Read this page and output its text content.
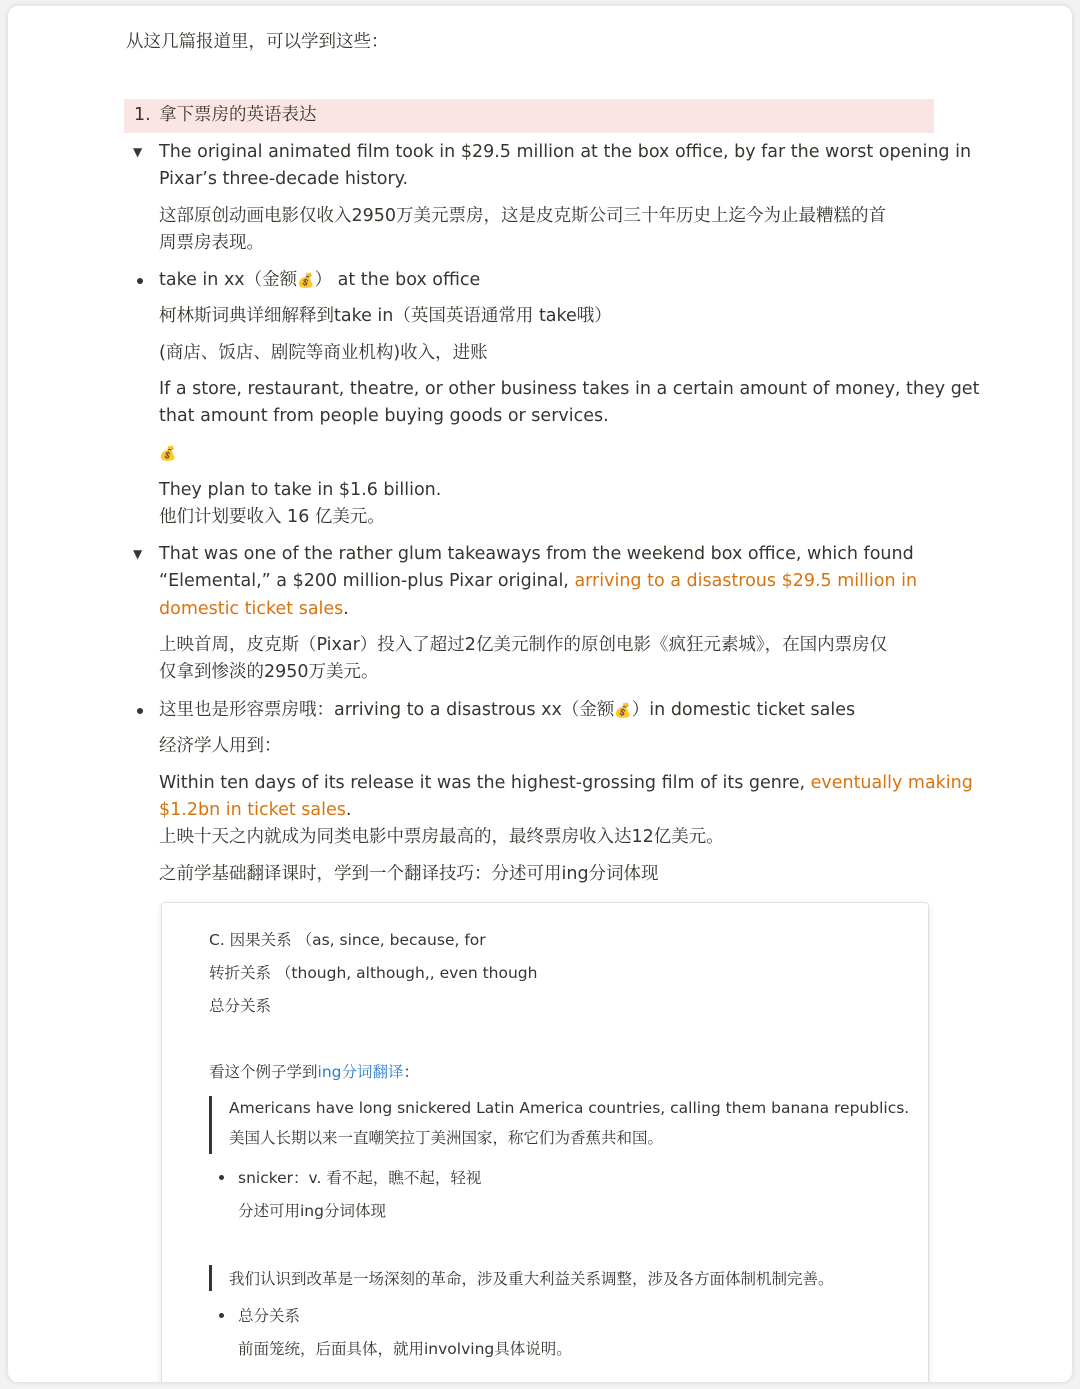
从这几篇报道里，可以学到这些：
1. 拿下票房的英语表达
▼ The original animated film took in $29.5 million at the box office, by far the worst opening in
Pixar’s three-decade history.
这部原创动画电影仅收入2950万美元票房，这是皮克斯公司三十年历史上迄今为止最糟糕的首
周票房表现。
take in xx（金额💰） at the box office
柯林斯词典详细解释到take in（英国英语通常用 take哦）
(商店、饭店、剧院等商业机构)收入，进账
If a store, restaurant, theatre, or other business takes in a certain amount of money, they get
that amount from people buying goods or services.
💰
They plan to take in $1.6 billion.
他们计划要收入 16 亿美元。
▼ That was one of the rather glum takeaways from the weekend box office, which found
“Elemental,” a $200 million-plus Pixar original, arriving to a disastrous $29.5 million in
domestic ticket sales.
上映首周，皮克斯（Pixar）投入了超过2亿美元制作的原创电影《疯狂元素城》，在国内票房仅
仅拿到惨淡的2950万美元。
这里也是形容票房哦：arriving to a disastrous xx（金额💰）in domestic ticket sales
经济学人用到：
Within ten days of its release it was the highest-grossing film of its genre, eventually making
$1.2bn in ticket sales.
上映十天之内就成为同类电影中票房最高的，最终票房收入达12亿美元。
之前学基础翻译课时，学到一个翻译技巧：分述可用ing分词体现
C. 因果关系 （as, since, because, for
转折关系 （though, although,, even though
总分关系
看这个例子学到ing分词翻译：
Americans have long snickered Latin America countries, calling them banana republics.
美国人长期以来一直嘲笑拉丁美洲国家，称它们为香蕉共和国。
snicker：v. 看不起，瞧不起，轻视
分述可用ing分词体现
我们认识到改革是一场深刻的革命，涉及重大利益关系调整，涉及各方面体制机制完善。
总分关系
前面笼统，后面具体，就用involving具体说明。
